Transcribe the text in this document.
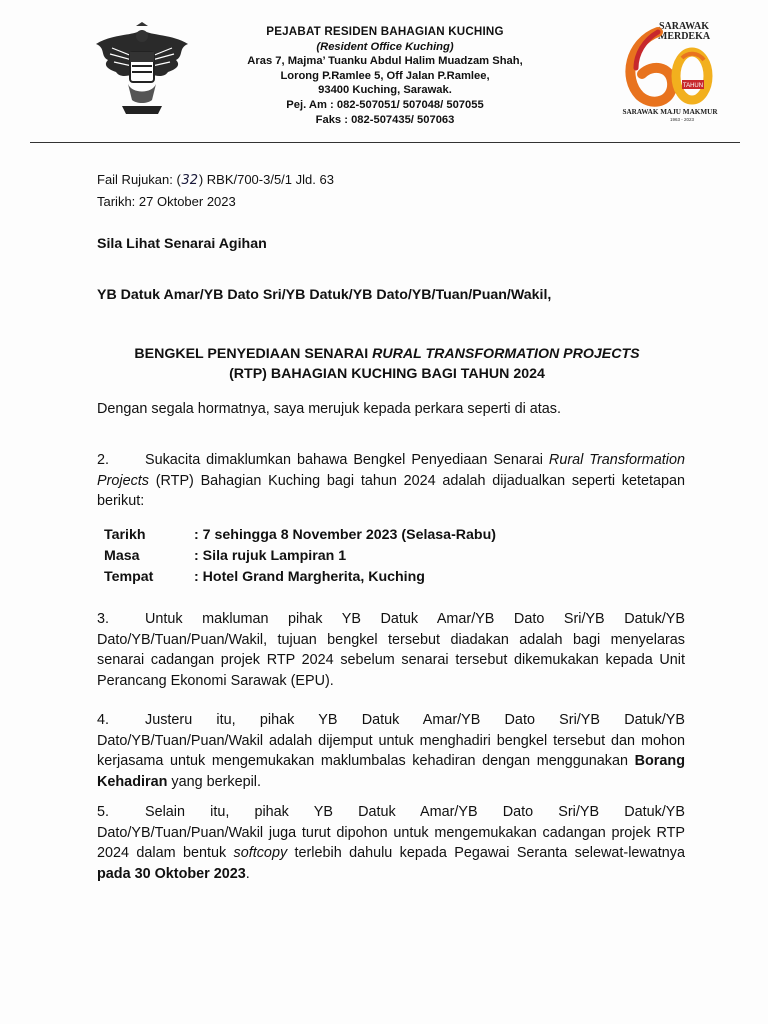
PEJABAT RESIDEN BAHAGIAN KUCHING
(Resident Office Kuching)
Aras 7, Majma’ Tuanku Abdul Halim Muadzam Shah,
Lorong P.Ramlee 5, Off Jalan P.Ramlee,
93400 Kuching, Sarawak.
Pej. Am : 082-507051/ 507048/ 507055
Faks : 082-507435/ 507063
SARAWAK
MERDEKA
TAHUN
SARAWAK MAJU MAKMUR
1963 - 2023
Fail Rujukan: (32) RBK/700-3/5/1 Jld. 63
Tarikh: 27 Oktober 2023
Sila Lihat Senarai Agihan
YB Datuk Amar/YB Dato Sri/YB Datuk/YB Dato/YB/Tuan/Puan/Wakil,
BENGKEL PENYEDIAAN SENARAI RURAL TRANSFORMATION PROJECTS
(RTP) BAHAGIAN KUCHING BAGI TAHUN 2024
Dengan segala hormatnya, saya merujuk kepada perkara seperti di atas.
2. Sukacita dimaklumkan bahawa Bengkel Penyediaan Senarai Rural Transformation Projects (RTP) Bahagian Kuching bagi tahun 2024 adalah dijadualkan seperti ketetapan berikut:
Tarikh	: 7 sehingga 8 November 2023 (Selasa-Rabu)
Masa	: Sila rujuk Lampiran 1
Tempat	: Hotel Grand Margherita, Kuching
3. Untuk makluman pihak YB Datuk Amar/YB Dato Sri/YB Datuk/YB Dato/YB/Tuan/Puan/Wakil, tujuan bengkel tersebut diadakan adalah bagi menyelaras senarai cadangan projek RTP 2024 sebelum senarai tersebut dikemukakan kepada Unit Perancang Ekonomi Sarawak (EPU).
4. Justeru itu, pihak YB Datuk Amar/YB Dato Sri/YB Datuk/YB Dato/YB/Tuan/Puan/Wakil adalah dijemput untuk menghadiri bengkel tersebut dan mohon kerjasama untuk mengemukakan maklumbalas kehadiran dengan menggunakan Borang Kehadiran yang berkepil.
5. Selain itu, pihak YB Datuk Amar/YB Dato Sri/YB Datuk/YB Dato/YB/Tuan/Puan/Wakil juga turut dipohon untuk mengemukakan cadangan projek RTP 2024 dalam bentuk softcopy terlebih dahulu kepada Pegawai Seranta selewat-lewatnya pada 30 Oktober 2023.
